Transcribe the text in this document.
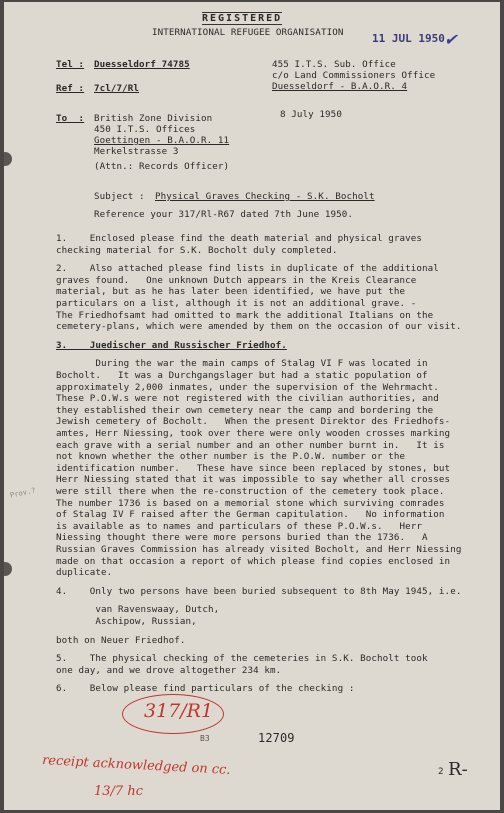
REGISTERED
INTERNATIONAL REFUGEE ORGANISATION	11 JUL 1950 ✔
Tel : Duesseldorf 74785
Ref : 7cl/7/Rl
455 I.T.S. Sub. Office
c/o Land Commissioners Office
Duesseldorf - B.A.O.R. 4
To  : British Zone Division
450 I.T.S. Offices
Goettingen - B.A.O.R. 11
Merkelstrasse 3
(Attn.: Records Officer)
8 July 1950
Subject : Physical Graves Checking - S.K. Bocholt
Reference your 317/Rl-R67 dated 7th June 1950.
1.    Enclosed please find the death material and physical graves
checking material for S.K. Bocholt duly completed.
2.    Also attached please find lists in duplicate of the additional
graves found.   One unknown Dutch appears in the Kreis Clearance
material, but as he has later been identified, we have put the
particulars on a list, although it is not an additional grave. -
The Friedhofsamt had omitted to mark the additional Italians on the
cemetery-plans, which were amended by them on the occasion of our visit.
3.    Juedischer and Russischer Friedhof.
During the war the main camps of Stalag VI F was located in
Bocholt.   It was a Durchgangslager but had a static population of
approximately 2,000 inmates, under the supervision of the Wehrmacht.
These P.O.W.s were not registered with the civilian authorities, and
they established their own cemetery near the camp and bordering the
Jewish cemetery of Bocholt.   When the present Direktor des Friedhofs-
amtes, Herr Niessing, took over there were only wooden crosses marking
each grave with a serial number and an other number burnt in.   It is
not known whether the other number is the P.O.W. number or the
identification number.   These have since been replaced by stones, but
Herr Niessing stated that it was impossible to say whether all crosses
were still there when the re-construction of the cemetery took place.
The number 1736 is based on a memorial stone which surviving comrades
of Stalag IV F raised after the German capitulation.   No information
is available as to names and particulars of these P.O.W.s.   Herr
Niessing thought there were more persons buried than the 1736.   A
Russian Graves Commission has already visited Bocholt, and Herr Niessing
made on that occasion a report of which please find copies enclosed in
duplicate.
4.    Only two persons have been buried subsequent to 8th May 1945, i.e.
van Ravenswaay, Dutch,
Aschipow, Russian,
both on Neuer Friedhof.
5.    The physical checking of the cemeteries in S.K. Bocholt took
one day, and we drove altogether 234 km.
6.    Below please find particulars of the checking :
317/R1
B3	12709
receipt acknowledged on cc.
13/7 hc
2 R-
Prov.?
